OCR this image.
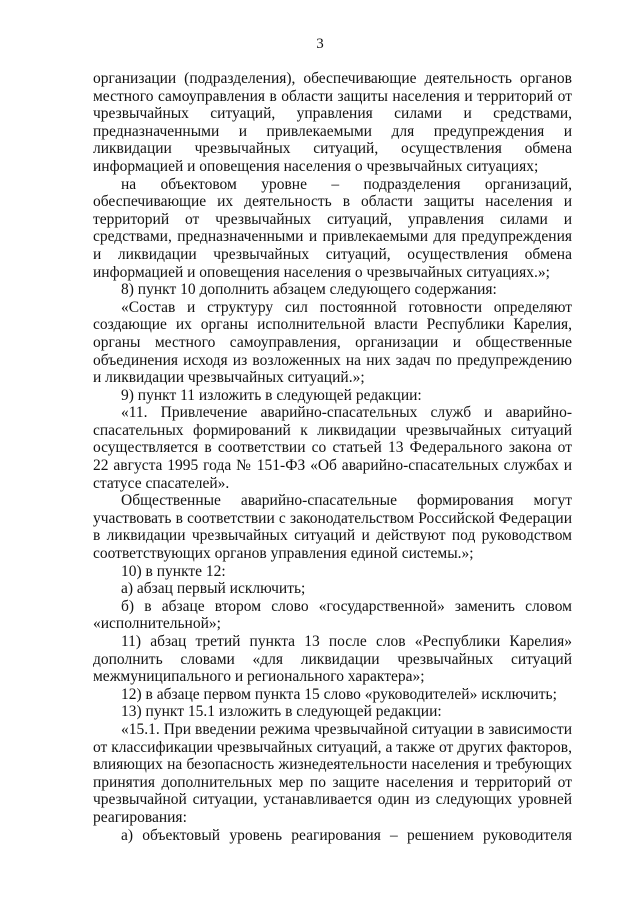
3

организации (подразделения), обеспечивающие деятельность органов местного самоуправления в области защиты населения и территорий от чрезвычайных ситуаций, управления силами и средствами, предназначенными и привлекаемыми для предупреждения и ликвидации чрезвычайных ситуаций, осуществления обмена информацией и оповещения населения о чрезвычайных ситуациях;

на объектовом уровне – подразделения организаций, обеспечивающие их деятельность в области защиты населения и территорий от чрезвычайных ситуаций, управления силами и средствами, предназначенными и привлекаемыми для предупреждения и ликвидации чрезвычайных ситуаций, осуществления обмена информацией и оповещения населения о чрезвычайных ситуациях.»;

8) пункт 10 дополнить абзацем следующего содержания:

«Состав и структуру сил постоянной готовности определяют создающие их органы исполнительной власти Республики Карелия, органы местного самоуправления, организации и общественные объединения исходя из возложенных на них задач по предупреждению и ликвидации чрезвычайных ситуаций.»;

9) пункт 11 изложить в следующей редакции:

«11. Привлечение аварийно-спасательных служб и аварийно-спасательных формирований к ликвидации чрезвычайных ситуаций осуществляется в соответствии со статьей 13 Федерального закона от 22 августа 1995 года № 151-ФЗ «Об аварийно-спасательных службах и статусе спасателей».

Общественные аварийно-спасательные формирования могут участвовать в соответствии с законодательством Российской Федерации в ликвидации чрезвычайных ситуаций и действуют под руководством соответствующих органов управления единой системы.»;

10) в пункте 12:

а) абзац первый исключить;

б) в абзаце втором слово «государственной» заменить словом «исполнительной»;

11) абзац третий пункта 13 после слов «Республики Карелия» дополнить словами «для ликвидации чрезвычайных ситуаций межмуниципального и регионального характера»;

12) в абзаце первом пункта 15 слово «руководителей» исключить;

13) пункт 15.1 изложить в следующей редакции:

«15.1. При введении режима чрезвычайной ситуации в зависимости от классификации чрезвычайных ситуаций, а также от других факторов, влияющих на безопасность жизнедеятельности населения и требующих принятия дополнительных мер по защите населения и территорий от чрезвычайной ситуации, устанавливается один из следующих уровней реагирования:

а) объектовый уровень реагирования – решением руководителя
